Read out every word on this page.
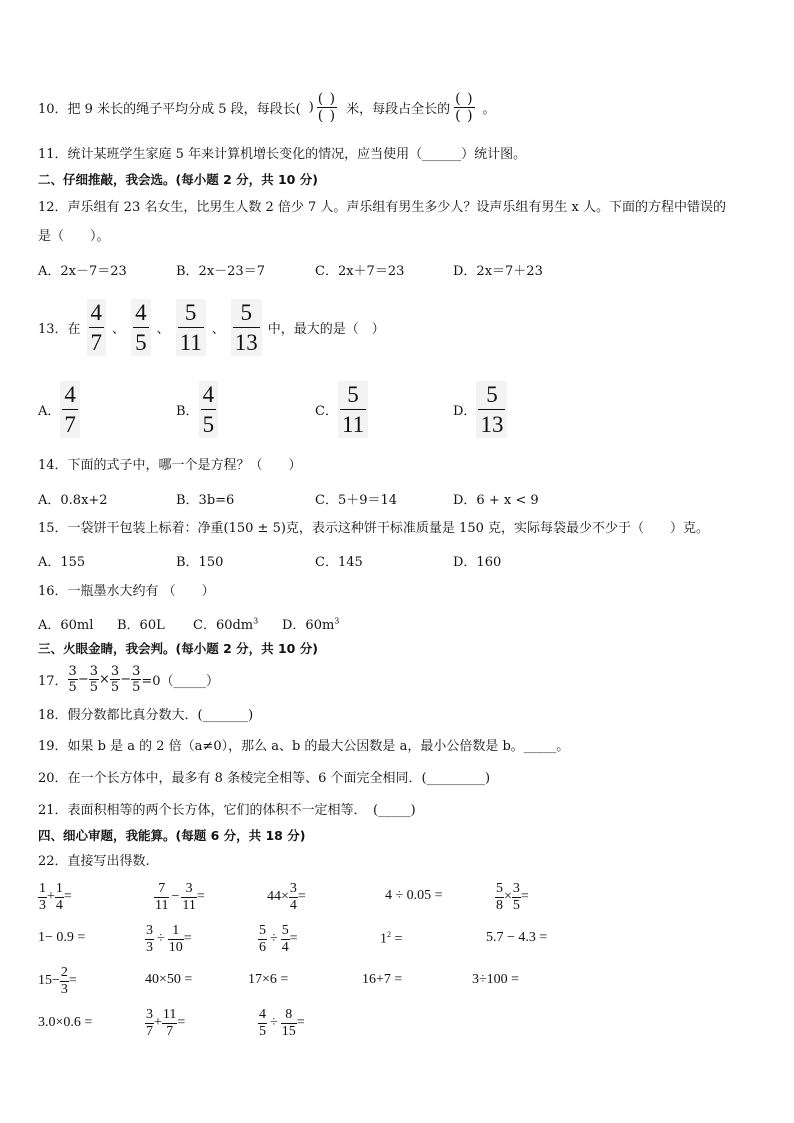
10．把 9 米长的绳子平均分成 5 段，每段长( ) $\frac{( )}{( )}$ 米，每段占全长的 $\frac{( )}{( )}$ 。
11．统计某班学生家庭 5 年来计算机增长变化的情况，应当使用（______）统计图。
二、仔细推敲，我会选。(每小题 2 分，共 10 分)
12．声乐组有 23 名女生，比男生人数 2 倍少 7 人。声乐组有男生多少人？设声乐组有男生 x 人。下面的方程中错误的
是（　　）。
A．2x－7＝23	B．2x－23＝7	C．2x＋7＝23	D．2x＝7＋23
13．在 $\frac{4}{7}$ 、 $\frac{4}{5}$ 、 $\frac{5}{11}$ 、 $\frac{5}{13}$ 中，最大的是（　）
A． $\frac{4}{7}$	B． $\frac{4}{5}$	C． $\frac{5}{11}$	D． $\frac{5}{13}$
14．下面的式子中，哪一个是方程？（　　）
A．0.8x+2	B．3b=6	C．5＋9＝14	D．6 + x < 9
15．一袋饼干包装上标着：净重(150 ± 5)克，表示这种饼干标准质量是 150 克，实际每袋最少不少于（　　）克。
A．155	B．150	C．145	D．160
16．一瓶墨水大约有 （　　）
A．60ml B．60L C．$60dm^3$ D．$60m^3$
三、火眼金睛，我会判。(每小题 2 分，共 10 分)
17． $\frac{3}{5} - \frac{3}{5} \times \frac{3}{5} - \frac{3}{5}$ =0（_____）
18．假分数都比真分数大．(_______)
19．如果 b 是 a 的 2 倍（a≠0），那么 a、b 的最大公因数是 a，最小公倍数是 b。_____。
20．在一个长方体中，最多有 8 条棱完全相等、6 个面完全相同．(_________)
21．表面积相等的两个长方体，它们的体积不一定相等．　(_____)
四、细心审题，我能算。(每题 6 分，共 18 分)
22．直接写出得数.
$\frac{1}{3} + \frac{1}{4}$ =	$\frac{7}{11} - \frac{3}{11}$ =	$44\times \frac{3}{4}$ =	4 ÷ 0.05 =	$\frac{5}{8} \times \frac{3}{5}$ =
1− 0.9 =	$\frac{3}{3} \div \frac{1}{10}$ =	$\frac{5}{6} \div \frac{5}{4}$ =	$1^2$ =	5.7 − 4.3 =
$15- \frac{2}{3}$ =	40×50 =	17×6 =	16+7 =	3÷100 =
3.0×0.6 =	$\frac{3}{7} + \frac{11}{7}$ =	$\frac{4}{5} \div \frac{8}{15}$ =
